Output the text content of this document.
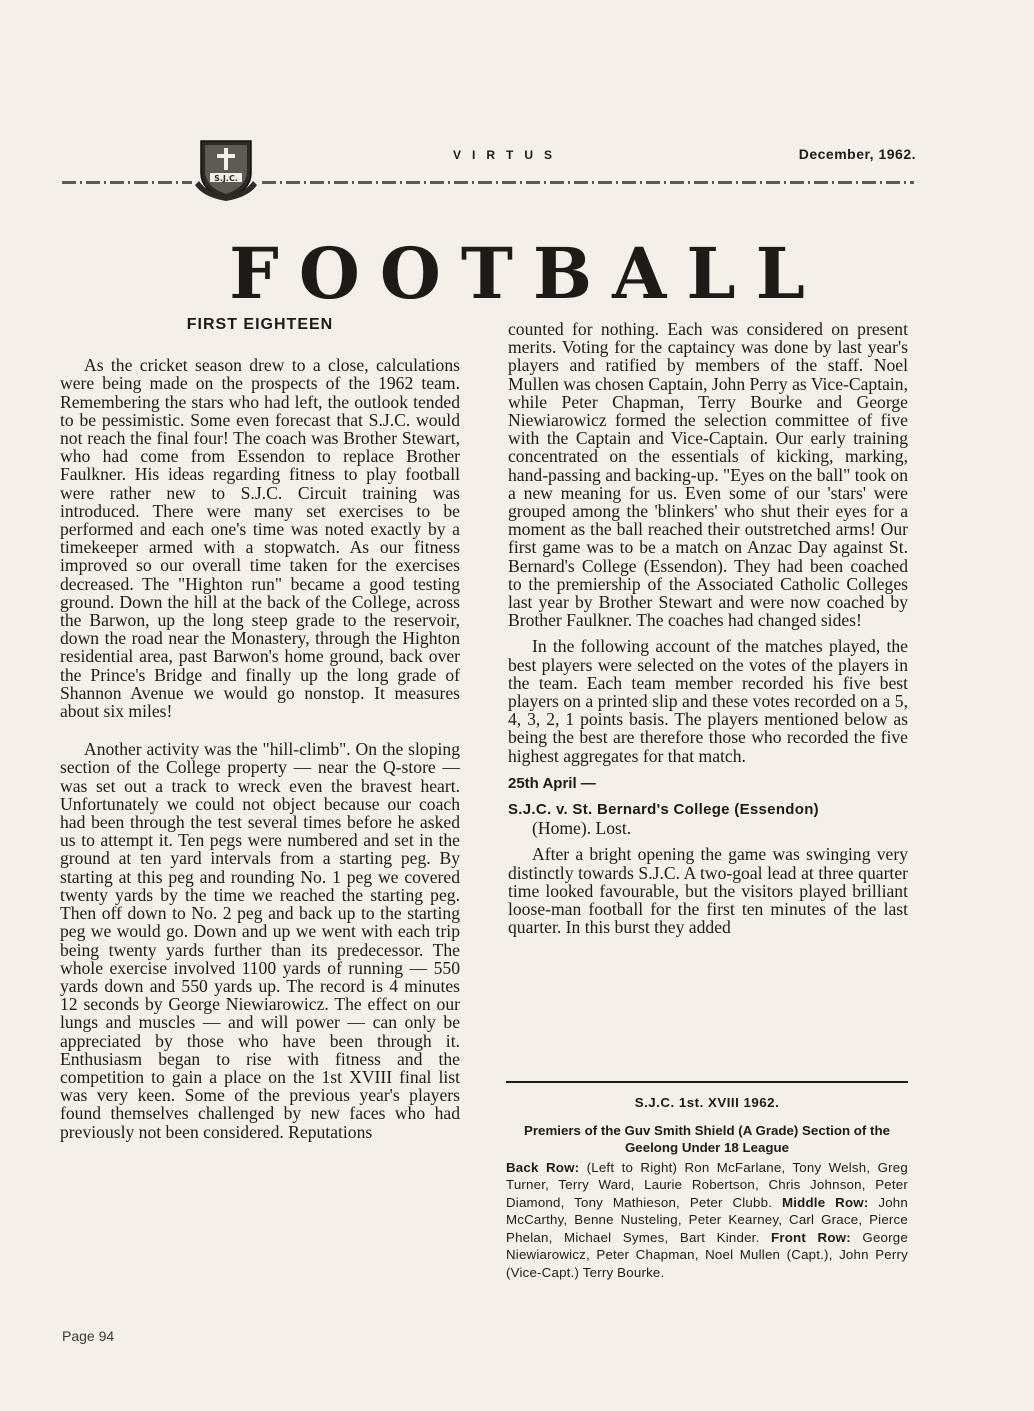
S.J.C.
VIRTUS	December, 1962.
FOOTBALL
FIRST EIGHTEEN

As the cricket season drew to a close, calculations were being made on the prospects of the 1962 team. Remembering the stars who had left, the outlook tended to be pessimistic. Some even forecast that S.J.C. would not reach the final four! The coach was Brother Stewart, who had come from Essendon to replace Brother Faulkner. His ideas regarding fitness to play football were rather new to S.J.C. Circuit training was introduced. There were many set exercises to be performed and each one's time was noted exactly by a timekeeper armed with a stopwatch. As our fitness improved so our overall time taken for the exercises decreased. The "Highton run" became a good testing ground. Down the hill at the back of the College, across the Barwon, up the long steep grade to the reservoir, down the road near the Monastery, through the Highton residential area, past Barwon's home ground, back over the Prince's Bridge and finally up the long grade of Shannon Avenue we would go nonstop. It measures about six miles!

Another activity was the "hill-climb". On the sloping section of the College property — near the Q-store — was set out a track to wreck even the bravest heart. Unfortunately we could not object because our coach had been through the test several times before he asked us to attempt it. Ten pegs were numbered and set in the ground at ten yard intervals from a starting peg. By starting at this peg and rounding No. 1 peg we covered twenty yards by the time we reached the starting peg. Then off down to No. 2 peg and back up to the starting peg we would go. Down and up we went with each trip being twenty yards further than its predecessor. The whole exercise involved 1100 yards of running — 550 yards down and 550 yards up. The record is 4 minutes 12 seconds by George Niewiarowicz. The effect on our lungs and muscles — and will power — can only be appreciated by those who have been through it. Enthusiasm began to rise with fitness and the competition to gain a place on the 1st XVIII final list was very keen. Some of the previous year's players found themselves challenged by new faces who had previously not been considered. Reputations

counted for nothing. Each was considered on present merits. Voting for the captaincy was done by last year's players and ratified by members of the staff. Noel Mullen was chosen Captain, John Perry as Vice-Captain, while Peter Chapman, Terry Bourke and George Niewiarowicz formed the selection committee of five with the Captain and Vice-Captain. Our early training concentrated on the essentials of kicking, marking, hand-passing and backing-up. "Eyes on the ball" took on a new meaning for us. Even some of our 'stars' were grouped among the 'blinkers' who shut their eyes for a moment as the ball reached their outstretched arms! Our first game was to be a match on Anzac Day against St. Bernard's College (Essendon). They had been coached to the premiership of the Associated Catholic Colleges last year by Brother Stewart and were now coached by Brother Faulkner. The coaches had changed sides!

In the following account of the matches played, the best players were selected on the votes of the players in the team. Each team member recorded his five best players on a printed slip and these votes recorded on a 5, 4, 3, 2, 1 points basis. The players mentioned below as being the best are therefore those who recorded the five highest aggregates for that match.

25th April —
S.J.C. v. St. Bernard's College (Essendon)

(Home). Lost.

After a bright opening the game was swinging very distinctly towards S.J.C. A two-goal lead at three quarter time looked favourable, but the visitors played brilliant loose-man football for the first ten minutes of the last quarter. In this burst they added

S.J.C. 1st. XVIII 1962.
Premiers of the Guv Smith Shield (A Grade) Section of the Geelong Under 18 League
Back Row: (Left to Right) Ron McFarlane, Tony Welsh, Greg Turner, Terry Ward, Laurie Robertson, Chris Johnson, Peter Diamond, Tony Mathieson, Peter Clubb. Middle Row: John McCarthy, Benne Nusteling, Peter Kearney, Carl Grace, Pierce Phelan, Michael Symes, Bart Kinder. Front Row: George Niewiarowicz, Peter Chapman, Noel Mullen (Capt.), John Perry (Vice-Capt.) Terry Bourke.
Page 94
